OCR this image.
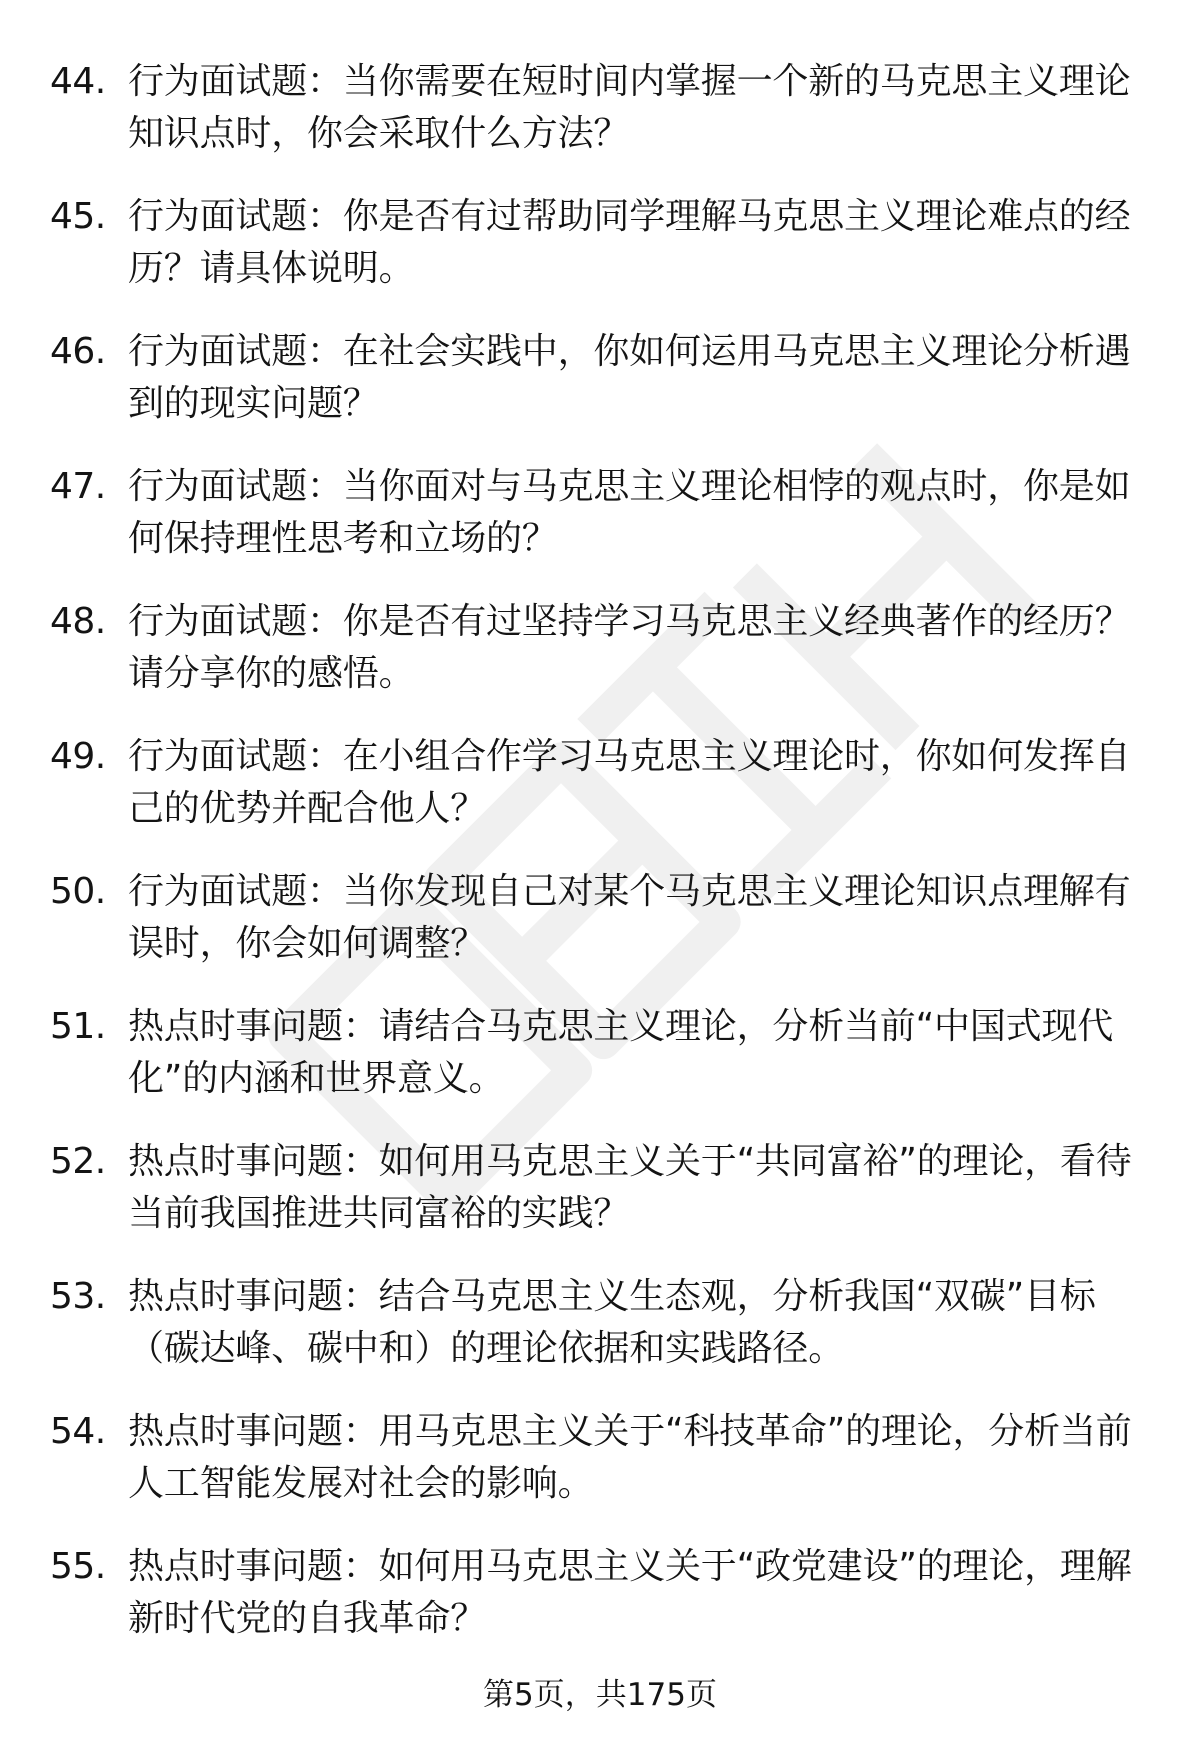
44. 行为面试题：当你需要在短时间内掌握一个新的马克思主义理论知识点时，你会采取什么方法？
45. 行为面试题：你是否有过帮助同学理解马克思主义理论难点的经历？请具体说明。
46. 行为面试题：在社会实践中，你如何运用马克思主义理论分析遇到的现实问题？
47. 行为面试题：当你面对与马克思主义理论相悖的观点时，你是如何保持理性思考和立场的？
48. 行为面试题：你是否有过坚持学习马克思主义经典著作的经历？请分享你的感悟。
49. 行为面试题：在小组合作学习马克思主义理论时，你如何发挥自己的优势并配合他人？
50. 行为面试题：当你发现自己对某个马克思主义理论知识点理解有误时，你会如何调整？
51. 热点时事问题：请结合马克思主义理论，分析当前“中国式现代化”的内涵和世界意义。
52. 热点时事问题：如何用马克思主义关于“共同富裕”的理论，看待当前我国推进共同富裕的实践？
53. 热点时事问题：结合马克思主义生态观，分析我国“双碳”目标（碳达峰、碳中和）的理论依据和实践路径。
54. 热点时事问题：用马克思主义关于“科技革命”的理论，分析当前人工智能发展对社会的影响。
55. 热点时事问题：如何用马克思主义关于“政党建设”的理论，理解新时代党的自我革命？
第5页，共175页
